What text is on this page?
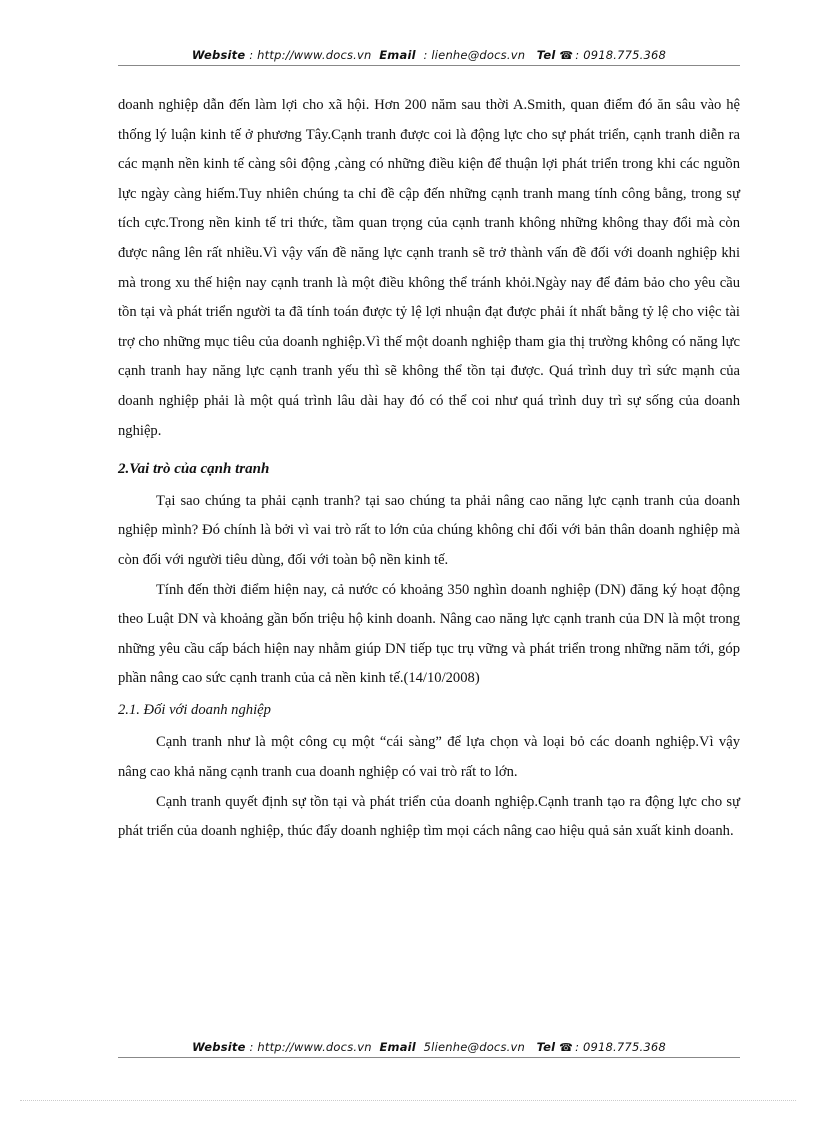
Website : http://www.docs.vn Email : lienhe@docs.vn Tel ☎ : 0918.775.368

doanh nghiệp dẫn đến làm lợi cho xã hội. Hơn 200 năm sau thời A.Smith, quan điểm đó ăn sâu vào hệ thống lý luận kinh tế ở phương Tây.Cạnh tranh được coi là động lực cho sự phát triển, cạnh tranh diễn ra các mạnh nền kinh tế càng sôi động ,càng có những điều kiện để thuận lợi phát triển trong khi các nguồn lực ngày càng hiếm.Tuy nhiên chúng ta chỉ đề cập đến những cạnh tranh mang tính công bằng, trong sự tích cực.Trong nền kinh tế tri thức, tầm quan trọng của cạnh tranh không những không thay đổi mà còn được nâng lên rất nhiều.Vì vậy vấn đề năng lực cạnh tranh sẽ trở thành vấn đề đối với doanh nghiệp khi mà trong xu thế hiện nay cạnh tranh là một điều không thể tránh khỏi.Ngày nay để đảm bảo cho yêu cầu tồn tại và phát triển người ta đã tính toán được tỷ lệ lợi nhuận đạt được phải ít nhất bằng tỷ lệ cho việc tài trợ cho những mục tiêu của doanh nghiệp.Vì thế một doanh nghiệp tham gia thị trường không có năng lực cạnh tranh hay năng lực cạnh tranh yếu thì sẽ không thể tồn tại được. Quá trình duy trì sức mạnh của doanh nghiệp phải là một quá trình lâu dài hay đó có thể coi như quá trình duy trì sự sống của doanh nghiệp.

2.Vai trò của cạnh tranh

Tại sao chúng ta phải cạnh tranh? tại sao chúng ta phải nâng cao năng lực cạnh tranh của doanh nghiệp mình? Đó chính là bởi vì vai trò rất to lớn của chúng không chỉ đối với bản thân doanh nghiệp mà còn đối với người tiêu dùng, đối với toàn bộ nền kinh tế.

Tính đến thời điểm hiện nay, cả nước có khoảng 350 nghìn doanh nghiệp (DN) đăng ký hoạt động theo Luật DN và khoảng gần bốn triệu hộ kinh doanh. Nâng cao năng lực cạnh tranh của DN là một trong những yêu cầu cấp bách hiện nay nhằm giúp DN tiếp tục trụ vững và phát triển trong những năm tới, góp phần nâng cao sức cạnh tranh của cả nền kinh tế.(14/10/2008)

2.1. Đối với doanh nghiệp

Cạnh tranh như là một công cụ một “cái sàng” để lựa chọn và loại bỏ các doanh nghiệp.Vì vậy nâng cao khả năng cạnh tranh cua doanh nghiệp có vai trò rất to lớn.

Cạnh tranh quyết định sự tồn tại và phát triển của doanh nghiệp.Cạnh tranh tạo ra động lực cho sự phát triển của doanh nghiệp, thúc đẩy doanh nghiệp tìm mọi cách nâng cao hiệu quả sản xuất kinh doanh.

Website : http://www.docs.vn Email 5lienhe@docs.vn Tel ☎ : 0918.775.368
